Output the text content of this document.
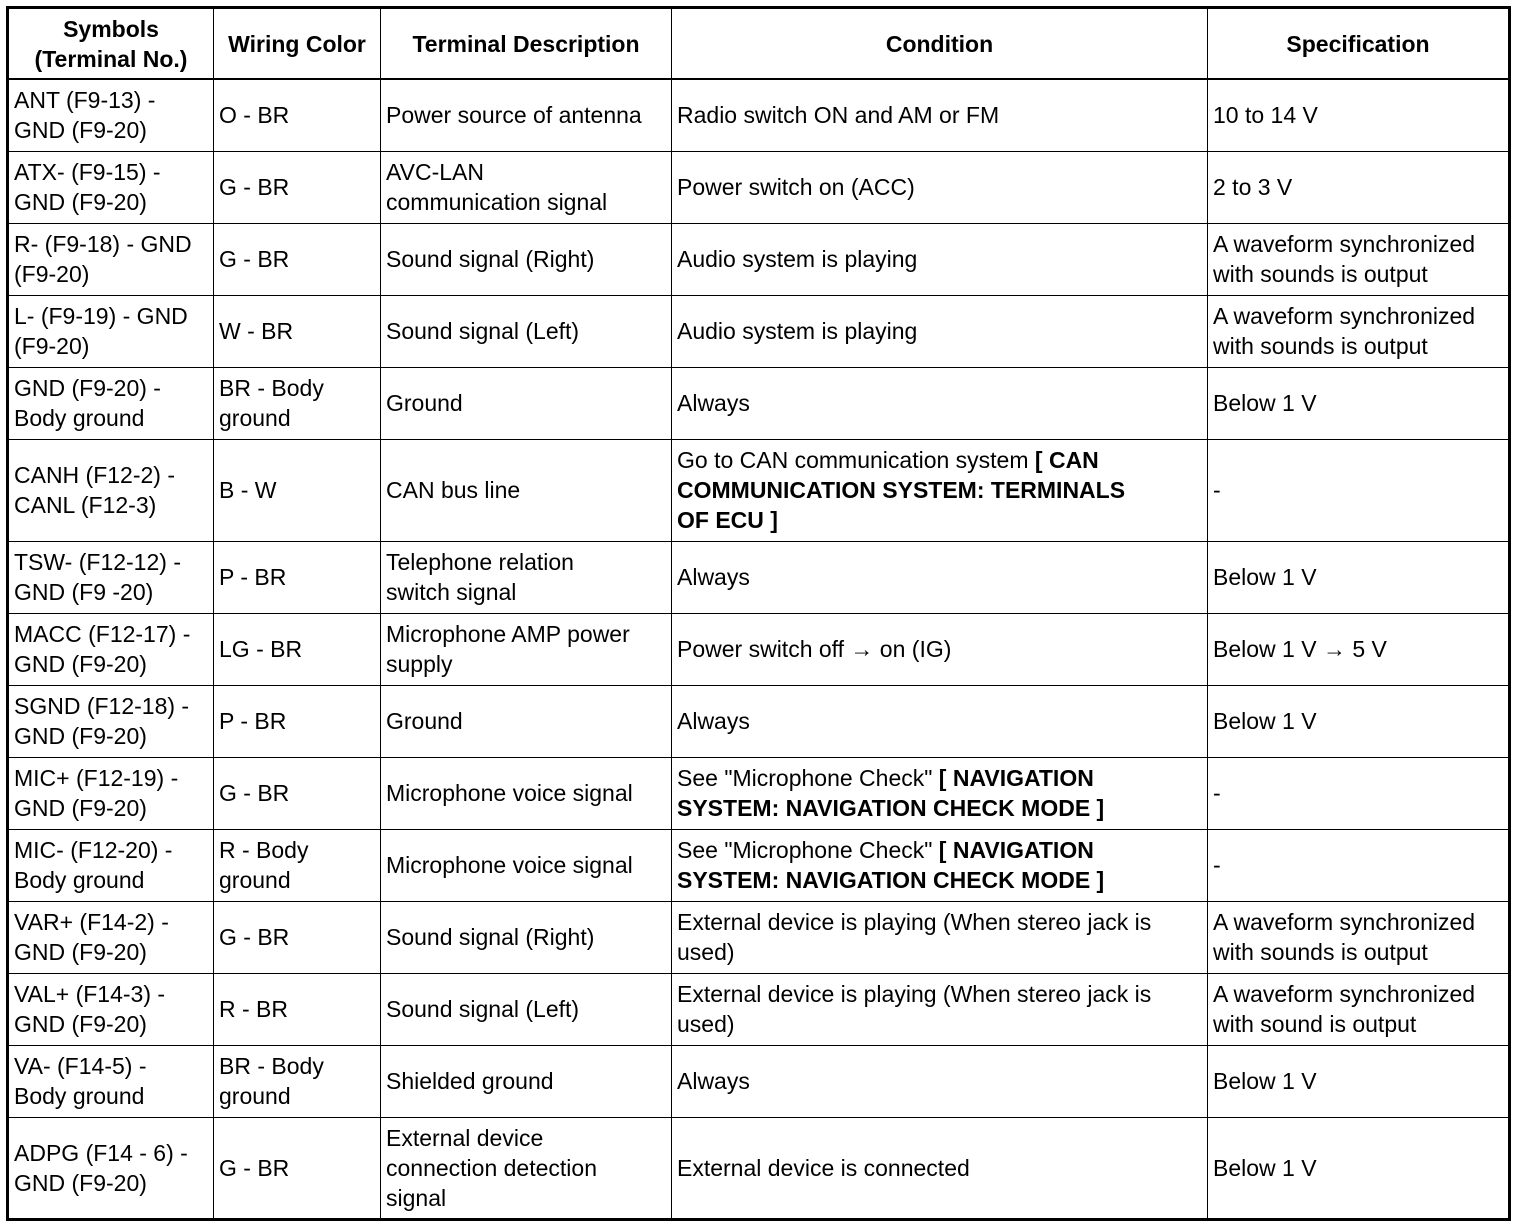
Symbols
(Terminal No.)	Wiring Color	Terminal Description	Condition	Specification
ANT (F9-13) -
GND (F9-20)	O - BR	Power source of antenna	Radio switch ON and AM or FM	10 to 14 V
ATX- (F9-15) -
GND (F9-20)	G - BR	AVC-LAN
communication signal	Power switch on (ACC)	2 to 3 V
R- (F9-18) - GND
(F9-20)	G - BR	Sound signal (Right)	Audio system is playing	A waveform synchronized
with sounds is output
L- (F9-19) - GND
(F9-20)	W - BR	Sound signal (Left)	Audio system is playing	A waveform synchronized
with sounds is output
GND (F9-20) -
Body ground	BR - Body
ground	Ground	Always	Below 1 V
CANH (F12-2) -
CANL (F12-3)	B - W	CAN bus line	Go to CAN communication system [ CAN
COMMUNICATION SYSTEM: TERMINALS
OF ECU ]	-
TSW- (F12-12) -
GND (F9 -20)	P - BR	Telephone relation
switch signal	Always	Below 1 V
MACC (F12-17) -
GND (F9-20)	LG - BR	Microphone AMP power
supply	Power switch off → on (IG)	Below 1 V → 5 V
SGND (F12-18) -
GND (F9-20)	P - BR	Ground	Always	Below 1 V
MIC+ (F12-19) -
GND (F9-20)	G - BR	Microphone voice signal	See "Microphone Check" [ NAVIGATION
SYSTEM: NAVIGATION CHECK MODE ]	-
MIC- (F12-20) -
Body ground	R - Body
ground	Microphone voice signal	See "Microphone Check" [ NAVIGATION
SYSTEM: NAVIGATION CHECK MODE ]	-
VAR+ (F14-2) -
GND (F9-20)	G - BR	Sound signal (Right)	External device is playing (When stereo jack is
used)	A waveform synchronized
with sounds is output
VAL+ (F14-3) -
GND (F9-20)	R - BR	Sound signal (Left)	External device is playing (When stereo jack is
used)	A waveform synchronized
with sound is output
VA- (F14-5) -
Body ground	BR - Body
ground	Shielded ground	Always	Below 1 V
ADPG (F14 - 6) -
GND (F9-20)	G - BR	External device
connection detection
signal	External device is connected	Below 1 V
